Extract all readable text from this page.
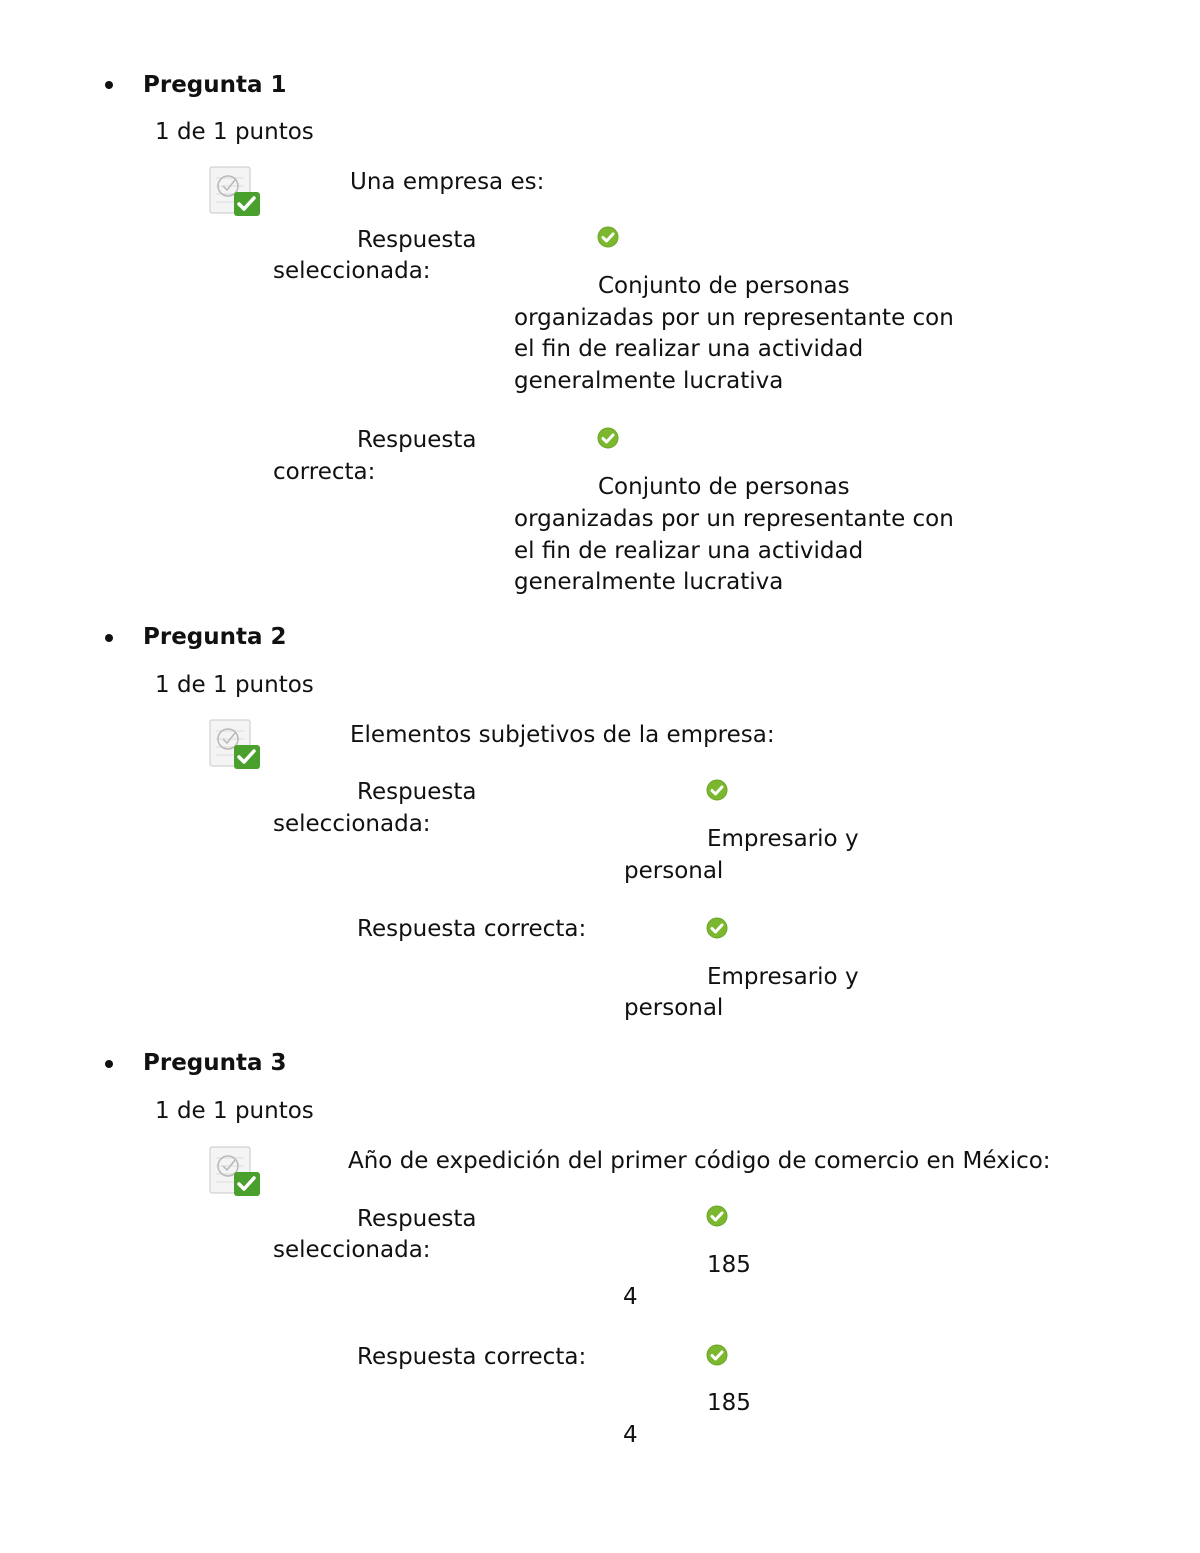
Pregunta 1
1 de 1 puntos
Una empresa es:
Respuesta
seleccionada:
Conjunto de personas
organizadas por un representante con
el fin de realizar una actividad
generalmente lucrativa
Respuesta
correcta:
Conjunto de personas
organizadas por un representante con
el fin de realizar una actividad
generalmente lucrativa
Pregunta 2
1 de 1 puntos
Elementos subjetivos de la empresa:
Respuesta
seleccionada:
Empresario y
personal
Respuesta correcta:
Empresario y
personal
Pregunta 3
1 de 1 puntos
Año de expedición del primer código de comercio en México:
Respuesta
seleccionada:
185
4
Respuesta correcta:
185
4
